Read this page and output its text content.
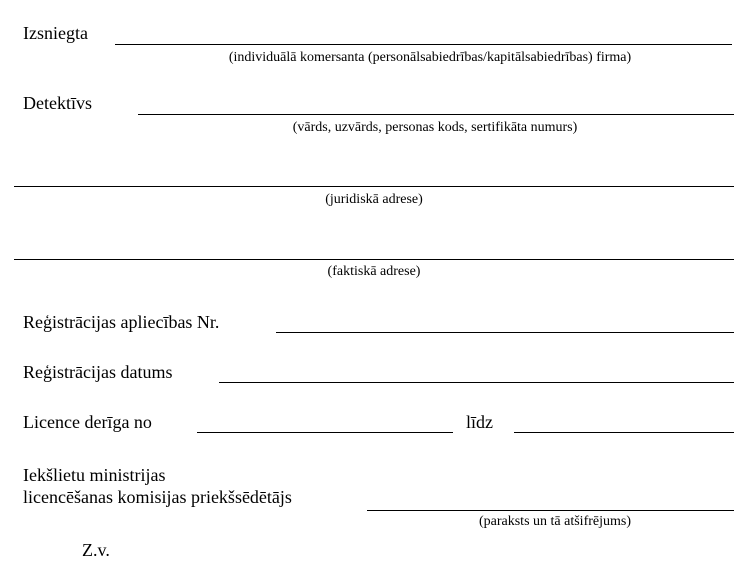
Izsniegta
(individuālā komersanta (personālsabiedrības/kapitālsabiedrības) firma)
Detektīvs
(vārds, uzvārds, personas kods, sertifikāta numurs)
(juridiskā adrese)
(faktiskā adrese)
Reģistrācijas apliecības Nr.
Reģistrācijas datums
Licence derīga no	līdz
Iekšlietu ministrijas
licencēšanas komisijas priekšsēdētājs
(paraksts un tā atšifrējums)
Z.v.
